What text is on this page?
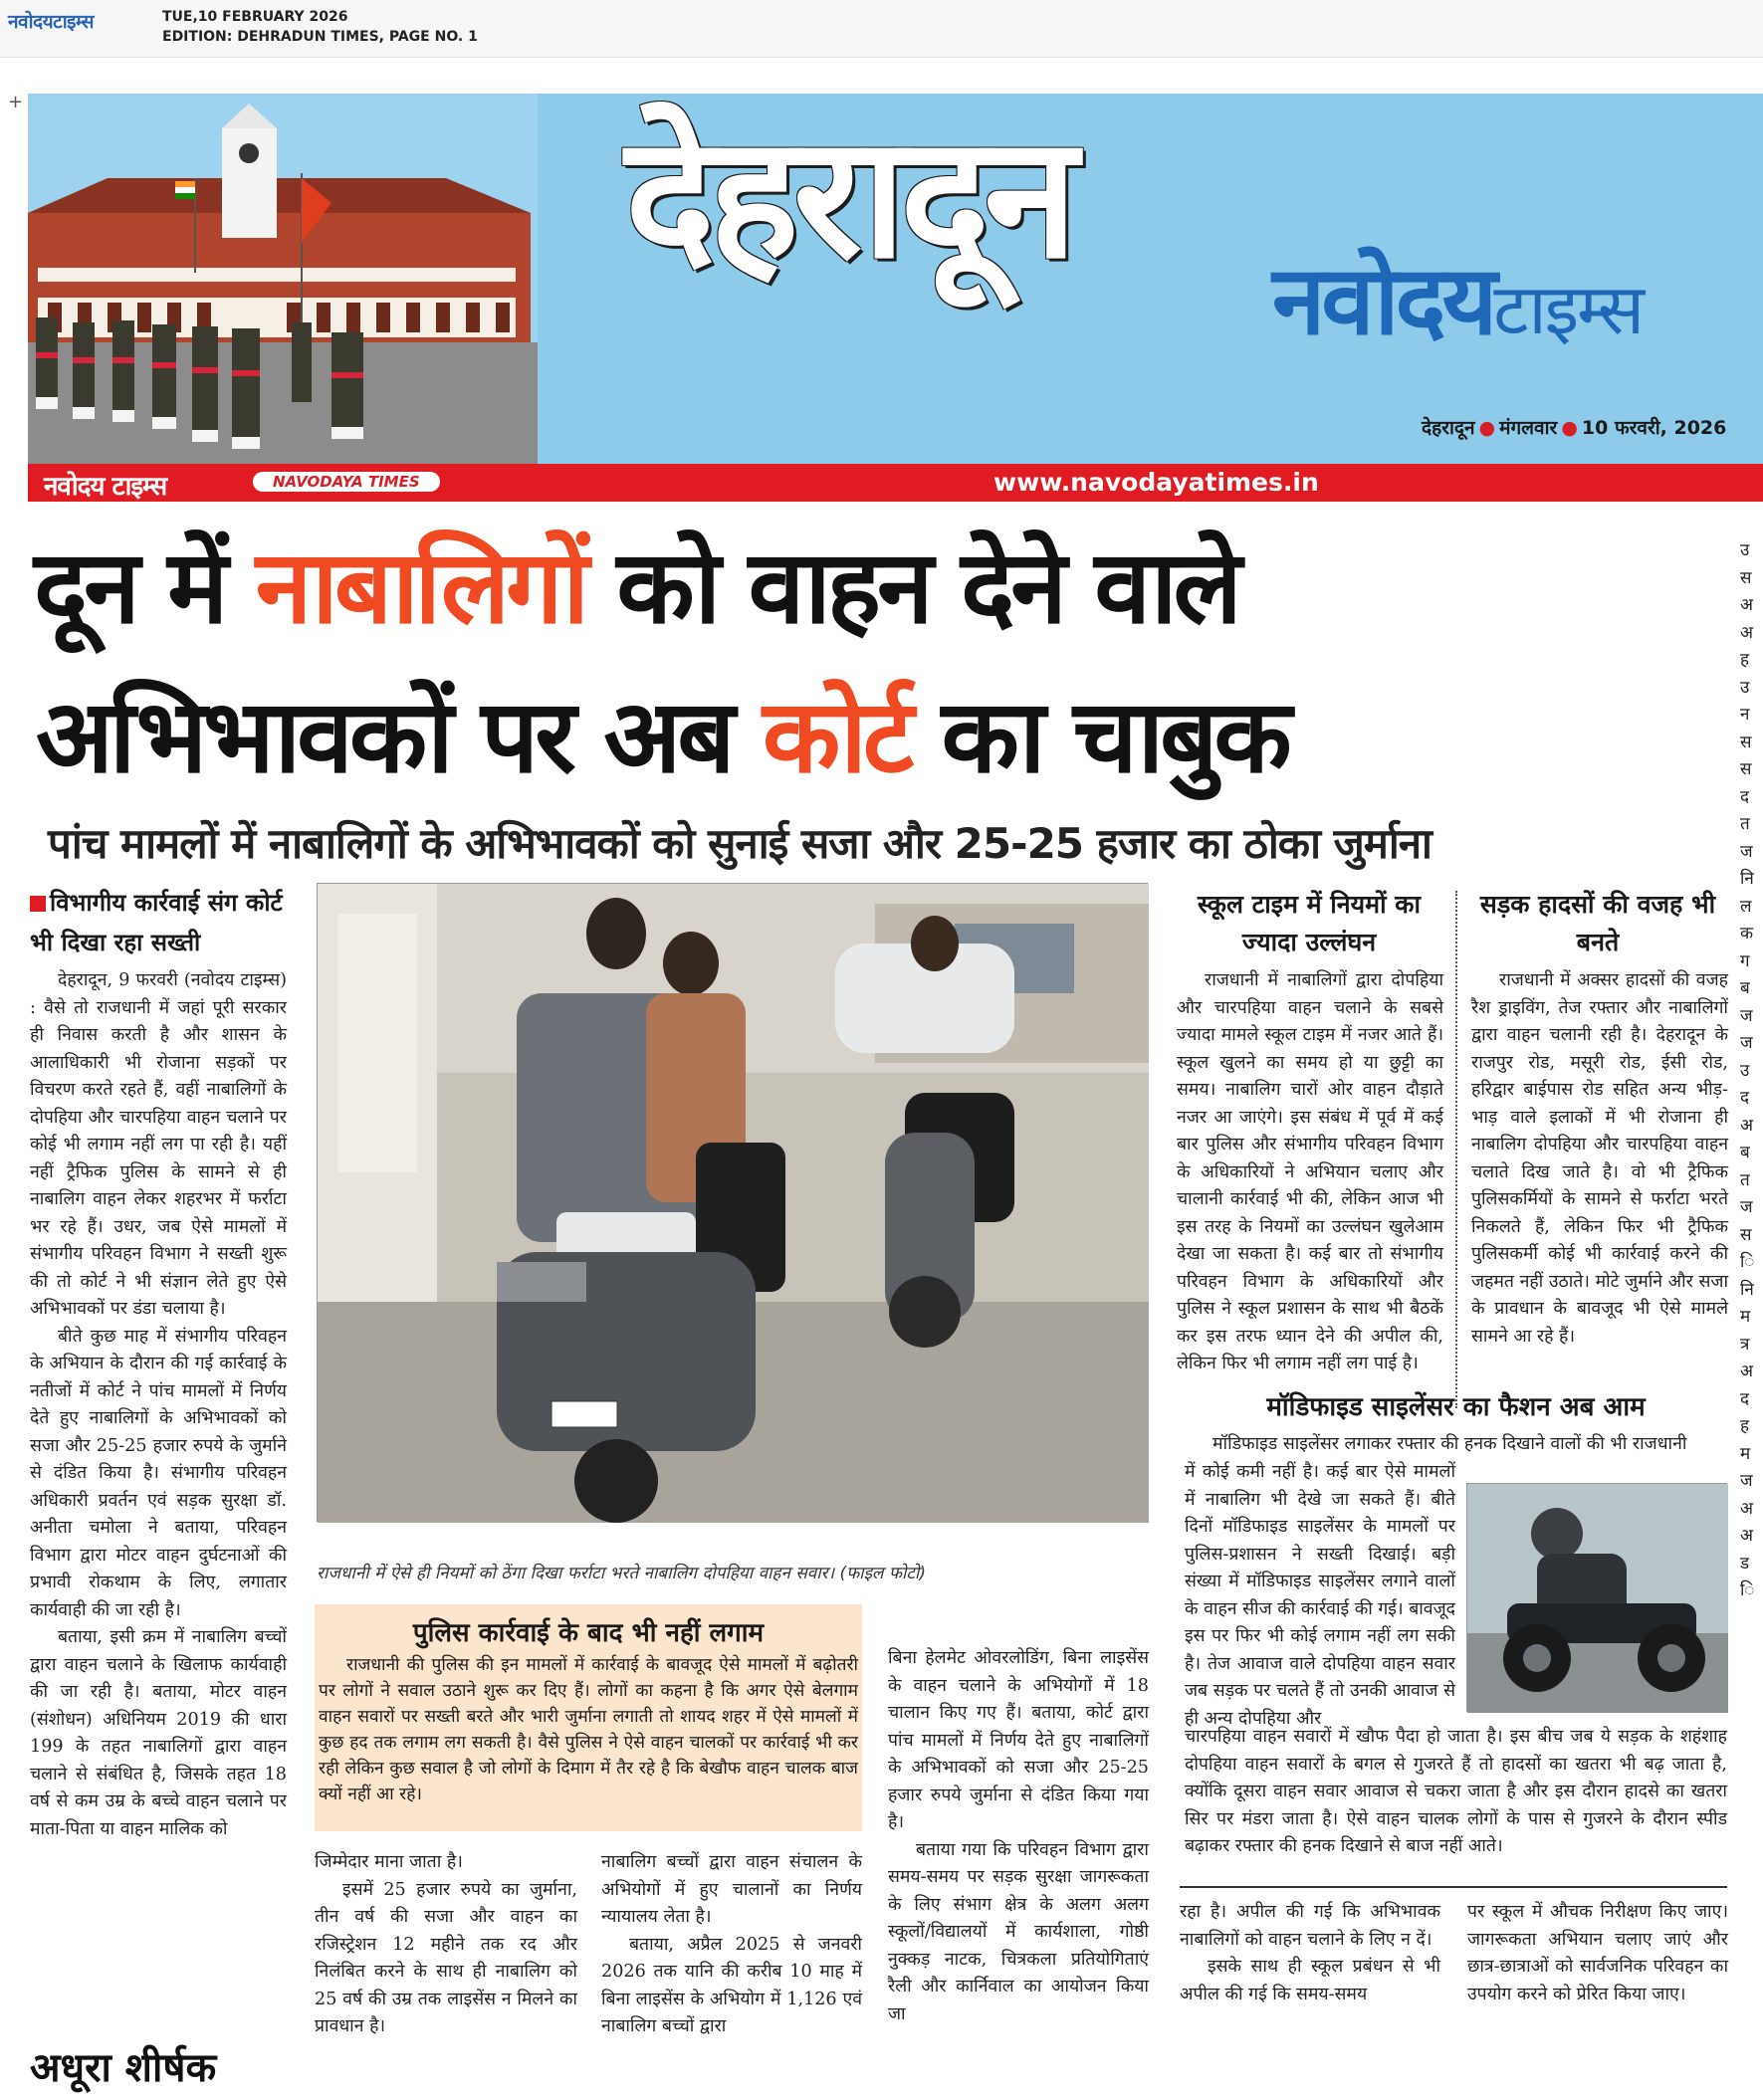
नवोदयटाइम्स	TUE,10 FEBRUARY 2026
EDITION: DEHRADUN TIMES, PAGE NO. 1
+	देहरादून
नवोदयटाइम्स
देहरादून ● मंगलवार ● 10 फरवरी, 2026
नवोदय टाइम्स	NAVODAYA TIMES	www.navodayatimes.in
दून में नाबालिगों को वाहन देने वाले
अभिभावकों पर अब कोर्ट का चाबुक
पांच मामलों में नाबालिगों के अभिभावकों को सुनाई सजा और 25-25 हजार का ठोका जुर्माना
विभागीय कार्रवाई संग कोर्ट भी दिखा रहा सख्ती

देहरादून, 9 फरवरी (नवोदय टाइम्स) : वैसे तो राजधानी में जहां पूरी सरकार ही निवास करती है और शासन के आलाधिकारी भी रोजाना सड़कों पर विचरण करते रहते हैं, वहीं नाबालिगों के दोपहिया और चारपहिया वाहन चलाने पर कोई भी लगाम नहीं लग पा रही है। यहीं नहीं ट्रैफिक पुलिस के सामने से ही नाबालिग वाहन लेकर शहरभर में फर्राटा भर रहे हैं। उधर, जब ऐसे मामलों में संभागीय परिवहन विभाग ने सख्ती शुरू की तो कोर्ट ने भी संज्ञान लेते हुए ऐसे अभिभावकों पर डंडा चलाया है।

बीते कुछ माह में संभागीय परिवहन के अभियान के दौरान की गई कार्रवाई के नतीजों में कोर्ट ने पांच मामलों में निर्णय देते हुए नाबालिगों के अभिभावकों को सजा और 25-25 हजार रुपये के जुर्माने से दंडित किया है। संभागीय परिवहन अधिकारी प्रवर्तन एवं सड़क सुरक्षा डॉ. अनीता चमोला ने बताया, परिवहन विभाग द्वारा मोटर वाहन दुर्घटनाओं की प्रभावी रोकथाम के लिए, लगातार कार्यवाही की जा रही है।

बताया, इसी क्रम में नाबालिग बच्चों द्वारा वाहन चलाने के खिलाफ कार्यवाही की जा रही है। बताया, मोटर वाहन (संशोधन) अधिनियम 2019 की धारा 199 के तहत नाबालिगों द्वारा वाहन चलाने से संबंधित है, जिसके तहत 18 वर्ष से कम उम्र के बच्चे वाहन चलाने पर माता-पिता या वाहन मालिक को

राजधानी में ऐसे ही नियमों को ठेंगा दिखा फर्राटा भरते नाबालिग दोपहिया वाहन सवार। (फाइल फोटो)
पुलिस कार्रवाई के बाद भी नहीं लगाम

राजधानी की पुलिस की इन मामलों में कार्रवाई के बावजूद ऐसे मामलों में बढ़ोतरी पर लोगों ने सवाल उठाने शुरू कर दिए हैं। लोगों का कहना है कि अगर ऐसे बेलगाम वाहन सवारों पर सख्ती बरते और भारी जुर्माना लगाती तो शायद शहर में ऐसे मामलों में कुछ हद तक लगाम लग सकती है। वैसे पुलिस ने ऐसे वाहन चालकों पर कार्रवाई भी कर रही लेकिन कुछ सवाल है जो लोगों के दिमाग में तैर रहे है कि बेखौफ वाहन चालक बाज क्यों नहीं आ रहे।

जिम्मेदार माना जाता है।

इसमें 25 हजार रुपये का जुर्माना, तीन वर्ष की सजा और वाहन का रजिस्ट्रेशन 12 महीने तक रद और निलंबित करने के साथ ही नाबालिग को 25 वर्ष की उम्र तक लाइसेंस न मिलने का प्रावधान है।

नाबालिग बच्चों द्वारा वाहन संचालन के अभियोगों में हुए चालानों का निर्णय न्यायालय लेता है।

बताया, अप्रैल 2025 से जनवरी 2026 तक यानि की करीब 10 माह में बिना लाइसेंस के अभियोग में 1,126 एवं नाबालिग बच्चों द्वारा

बिना हेलमेट ओवरलोडिंग, बिना लाइसेंस के वाहन चलाने के अभियोगों में 18 चालान किए गए हैं। बताया, कोर्ट द्वारा पांच मामलों में निर्णय देते हुए नाबालिगों के अभिभावकों को सजा और 25-25 हजार रुपये जुर्माना से दंडित किया गया है।

बताया गया कि परिवहन विभाग द्वारा समय-समय पर सड़क सुरक्षा जागरूकता के लिए संभाग क्षेत्र के अलग अलग स्कूलों/विद्यालयों में कार्यशाला, गोष्ठी नुक्कड़ नाटक, चित्रकला प्रतियोगिताएं रैली और कार्निवाल का आयोजन किया जा

स्कूल टाइम में नियमों का ज्यादा उल्लंघन

राजधानी में नाबालिगों द्वारा दोपहिया और चारपहिया वाहन चलाने के सबसे ज्यादा मामले स्कूल टाइम में नजर आते हैं। स्कूल खुलने का समय हो या छुट्टी का समय। नाबालिग चारों ओर वाहन दौड़ाते नजर आ जाएंगे। इस संबंध में पूर्व में कई बार पुलिस और संभागीय परिवहन विभाग के अधिकारियों ने अभियान चलाए और चालानी कार्रवाई भी की, लेकिन आज भी इस तरह के नियमों का उल्लंघन खुलेआम देखा जा सकता है। कई बार तो संभागीय परिवहन विभाग के अधिकारियों और पुलिस ने स्कूल प्रशासन के साथ भी बैठकें कर इस तरफ ध्यान देने की अपील की, लेकिन फिर भी लगाम नहीं लग पाई है।

सड़क हादसों की वजह भी बनते

राजधानी में अक्सर हादसों की वजह रैश ड्राइविंग, तेज रफ्तार और नाबालिगों द्वारा वाहन चलानी रही है। देहरादून के राजपुर रोड, मसूरी रोड, ईसी रोड, हरिद्वार बाईपास रोड सहित अन्य भीड़-भाड़ वाले इलाकों में भी रोजाना ही नाबालिग दोपहिया और चारपहिया वाहन चलाते दिख जाते है। वो भी ट्रैफिक पुलिसकर्मियों के सामने से फर्राटा भरते निकलते हैं, लेकिन फिर भी ट्रैफिक पुलिसकर्मी कोई भी कार्रवाई करने की जहमत नहीं उठाते। मोटे जुर्माने और सजा के प्रावधान के बावजूद भी ऐसे मामले सामने आ रहे हैं।

मॉडिफाइड साइलेंसर का फैशन अब आम

मॉडिफाइड साइलेंसर लगाकर रफ्तार की हनक दिखाने वालों की भी राजधानी

में कोई कमी नहीं है। कई बार ऐसे मामलों में नाबालिग भी देखे जा सकते हैं। बीते दिनों मॉडिफाइड साइलेंसर के मामलों पर पुलिस-प्रशासन ने सख्ती दिखाई। बड़ी संख्या में मॉडिफाइड साइलेंसर लगाने वालों के वाहन सीज की कार्रवाई की गई। बावजूद इस पर फिर भी कोई लगाम नहीं लग सकी है। तेज आवाज वाले दोपहिया वाहन सवार जब सड़क पर चलते हैं तो उनकी आवाज से ही अन्य दोपहिया और
चारपहिया वाहन सवारों में खौफ पैदा हो जाता है। इस बीच जब ये सड़क के शहंशाह दोपहिया वाहन सवारों के बगल से गुजरते हैं तो हादसों का खतरा भी बढ़ जाता है, क्योंकि दूसरा वाहन सवार आवाज से चकरा जाता है और इस दौरान हादसे का खतरा सिर पर मंडरा जाता है। ऐसे वाहन चालक लोगों के पास से गुजरने के दौरान स्पीड बढ़ाकर रफ्तार की हनक दिखाने से बाज नहीं आते।
रहा है। अपील की गई कि अभिभावक नाबालिगों को वाहन चलाने के लिए न दें।

इसके साथ ही स्कूल प्रबंधन से भी अपील की गई कि समय-समय

पर स्कूल में औचक निरीक्षण किए जाए। जागरूकता अभियान चलाए जाएं और छात्र-छात्राओं को सार्वजनिक परिवहन का उपयोग करने को प्रेरित किया जाए।
अधूरा शीर्षक
उ स अ अ ह उ न स स द त ज नि ल क ग ब ज ज उ द अ ब त ज स ि नि म त्र अ द ह म ज अ अ ड ि
